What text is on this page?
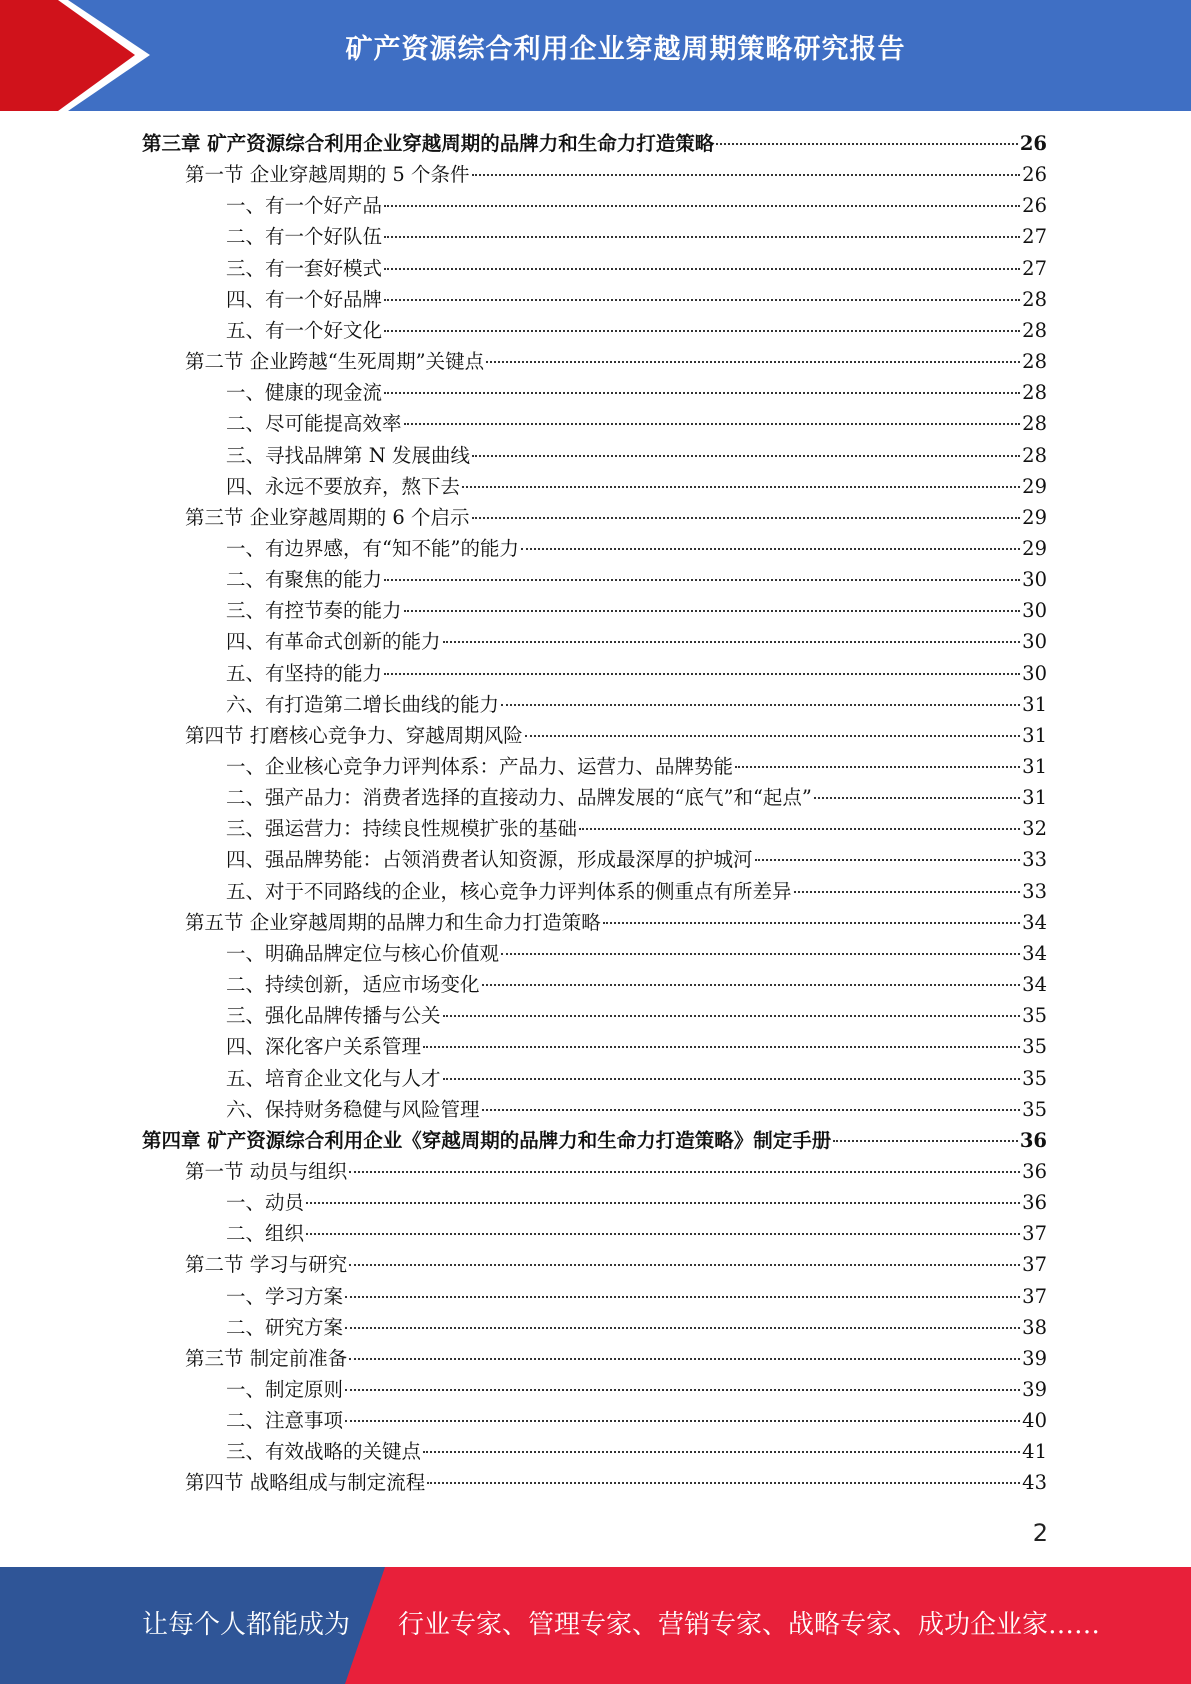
矿产资源综合利用企业穿越周期策略研究报告
第三章 矿产资源综合利用企业穿越周期的品牌力和生命力打造策略	26
第一节 企业穿越周期的 5 个条件	26
一、有一个好产品	26
二、有一个好队伍	27
三、有一套好模式	27
四、有一个好品牌	28
五、有一个好文化	28
第二节 企业跨越“生死周期”关键点	28
一、健康的现金流	28
二、尽可能提高效率	28
三、寻找品牌第 N 发展曲线	28
四、永远不要放弃，熬下去	29
第三节 企业穿越周期的 6 个启示	29
一、有边界感，有“知不能”的能力	29
二、有聚焦的能力	30
三、有控节奏的能力	30
四、有革命式创新的能力	30
五、有坚持的能力	30
六、有打造第二增长曲线的能力	31
第四节 打磨核心竞争力、穿越周期风险	31
一、企业核心竞争力评判体系：产品力、运营力、品牌势能	31
二、强产品力：消费者选择的直接动力、品牌发展的“底气”和“起点”	31
三、强运营力：持续良性规模扩张的基础	32
四、强品牌势能：占领消费者认知资源，形成最深厚的护城河	33
五、对于不同路线的企业，核心竞争力评判体系的侧重点有所差异	33
第五节 企业穿越周期的品牌力和生命力打造策略	34
一、明确品牌定位与核心价值观	34
二、持续创新，适应市场变化	34
三、强化品牌传播与公关	35
四、深化客户关系管理	35
五、培育企业文化与人才	35
六、保持财务稳健与风险管理	35
第四章 矿产资源综合利用企业《穿越周期的品牌力和生命力打造策略》制定手册	36
第一节 动员与组织	36
一、动员	36
二、组织	37
第二节 学习与研究	37
一、学习方案	37
二、研究方案	38
第三节 制定前准备	39
一、制定原则	39
二、注意事项	40
三、有效战略的关键点	41
第四节 战略组成与制定流程	43
2
让每个人都能成为 行业专家、管理专家、营销专家、战略专家、成功企业家……
